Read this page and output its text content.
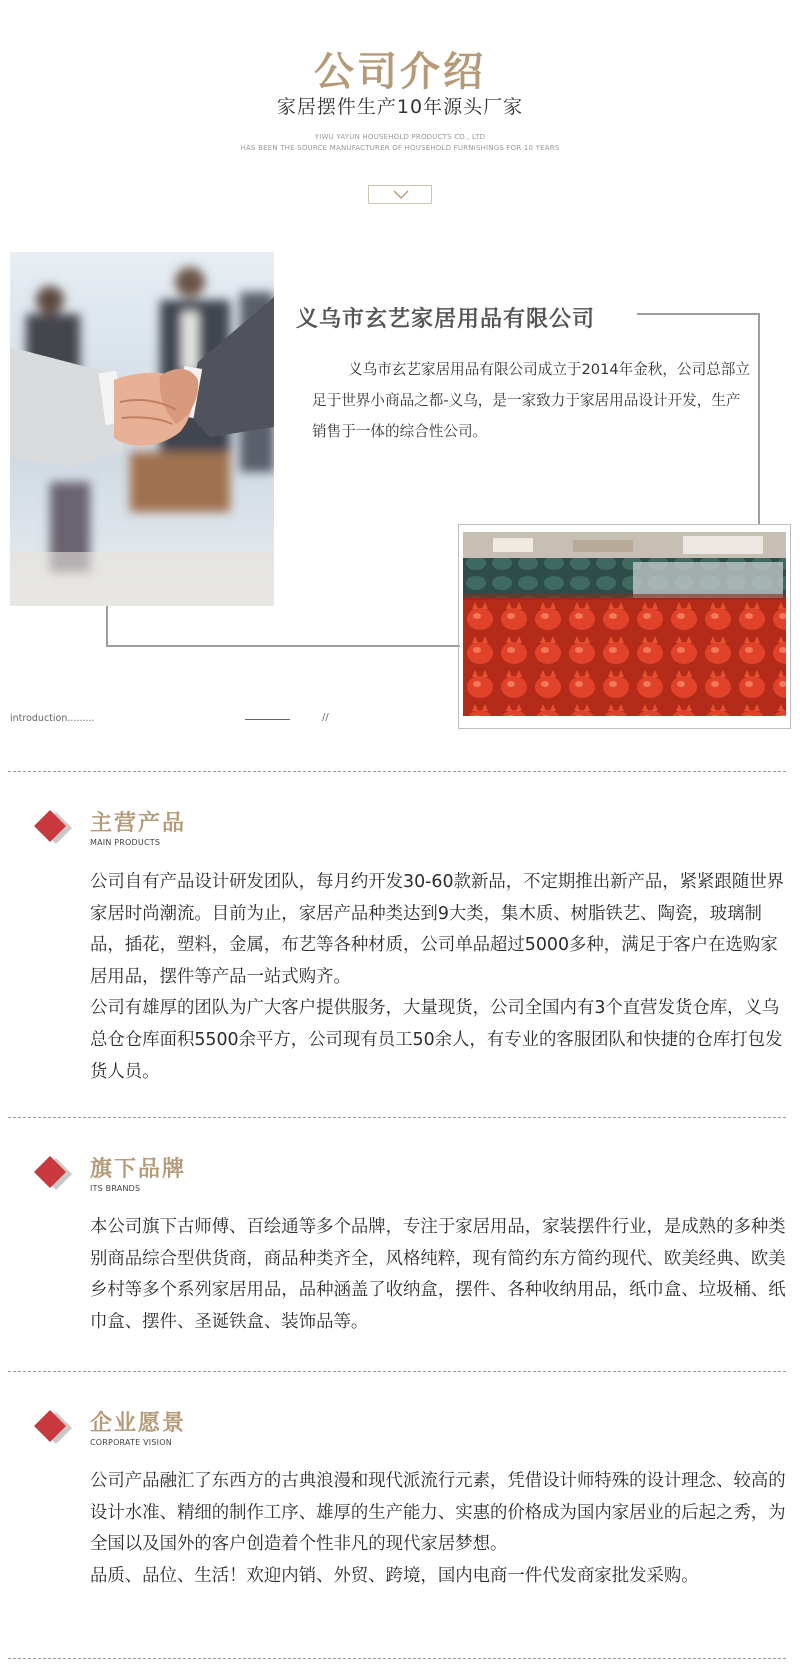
公司介绍
家居摆件生产10年源头厂家
YIWU YAYUN HOUSEHOLD PRODUCTS CO., LTD
HAS BEEN THE SOURCE MANUFACTURER OF HOUSEHOLD FURNISHINGS FOR 10 YEARS
义乌市玄艺家居用品有限公司
义乌市玄艺家居用品有限公司成立于2014年金秋，公司总部立足于世界小商品之都-义乌，是一家致力于家居用品设计开发，生产销售于一体的综合性公司。
introduction.........	//
主营产品
MAIN PRODUCTS

公司自有产品设计研发团队，每月约开发30-60款新品，不定期推出新产品，紧紧跟随世界家居时尚潮流。目前为止，家居产品种类达到9大类，集木质、树脂铁艺、陶瓷，玻璃制品，插花，塑料，金属，布艺等各种材质，公司单品超过5000多种，满足于客户在选购家居用品，摆件等产品一站式购齐。

公司有雄厚的团队为广大客户提供服务，大量现货，公司全国内有3个直营发货仓库，义乌总仓仓库面积5500余平方，公司现有员工50余人，有专业的客服团队和快捷的仓库打包发货人员。

旗下品牌
ITS BRANDS

本公司旗下古师傅、百绘通等多个品牌，专注于家居用品，家装摆件行业，是成熟的多种类别商品综合型供货商，商品种类齐全，风格纯粹，现有简约东方简约现代、欧美经典、欧美乡村等多个系列家居用品，品种涵盖了收纳盒，摆件、各种收纳用品，纸巾盒、垃圾桶、纸巾盒、摆件、圣诞铁盒、装饰品等。

企业愿景
CORPORATE VISION

公司产品融汇了东西方的古典浪漫和现代派流行元素，凭借设计师特殊的设计理念、较高的设计水准、精细的制作工序、雄厚的生产能力、实惠的价格成为国内家居业的后起之秀，为全国以及国外的客户创造着个性非凡的现代家居梦想。

品质、品位、生活！欢迎内销、外贸、跨境，国内电商一件代发商家批发采购。
